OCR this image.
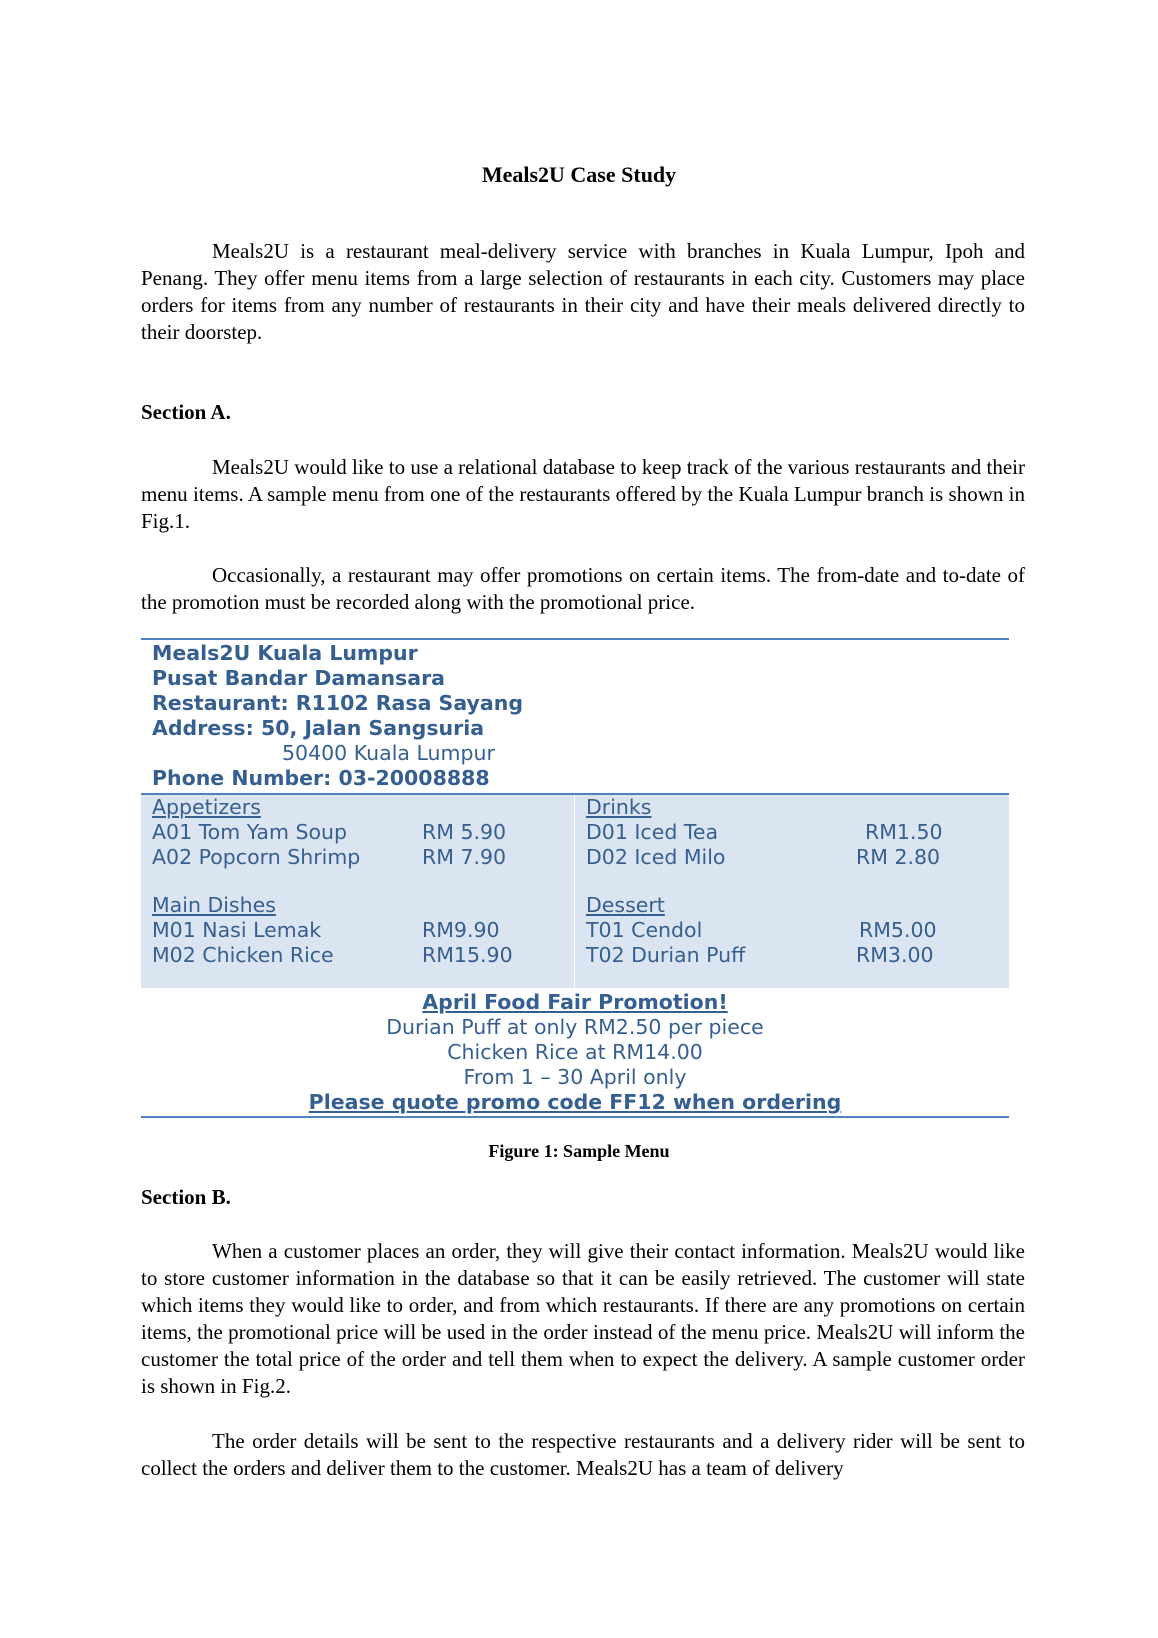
Meals2U Case Study
Meals2U is a restaurant meal-delivery service with branches in Kuala Lumpur, Ipoh and Penang. They offer menu items from a large selection of restaurants in each city. Customers may place orders for items from any number of restaurants in their city and have their meals delivered directly to their doorstep.
Section A.
Meals2U would like to use a relational database to keep track of the various restaurants and their menu items. A sample menu from one of the restaurants offered by the Kuala Lumpur branch is shown in Fig.1.
Occasionally, a restaurant may offer promotions on certain items. The from-date and to-date of the promotion must be recorded along with the promotional price.
Meals2U Kuala Lumpur
Pusat Bandar Damansara
Restaurant: R1102 Rasa Sayang
Address: 50, Jalan Sangsuria
50400 Kuala Lumpur
Phone Number: 03-20008888
Appetizers
A01 Tom Yam Soup	RM 5.90
A02 Popcorn Shrimp	RM 7.90
Main Dishes
M01 Nasi Lemak	RM9.90
M02 Chicken Rice	RM15.90
Drinks
D01 Iced Tea	RM1.50
D02 Iced Milo	RM 2.80
Dessert
T01 Cendol	RM5.00
T02 Durian Puff	RM3.00
April Food Fair Promotion!
Durian Puff at only RM2.50 per piece
Chicken Rice at RM14.00
From 1 – 30 April only
Please quote promo code FF12 when ordering
Figure 1: Sample Menu
Section B.
When a customer places an order, they will give their contact information. Meals2U would like to store customer information in the database so that it can be easily retrieved. The customer will state which items they would like to order, and from which restaurants. If there are any promotions on certain items, the promotional price will be used in the order instead of the menu price. Meals2U will inform the customer the total price of the order and tell them when to expect the delivery. A sample customer order is shown in Fig.2.
The order details will be sent to the respective restaurants and a delivery rider will be sent to collect the orders and deliver them to the customer. Meals2U has a team of delivery
